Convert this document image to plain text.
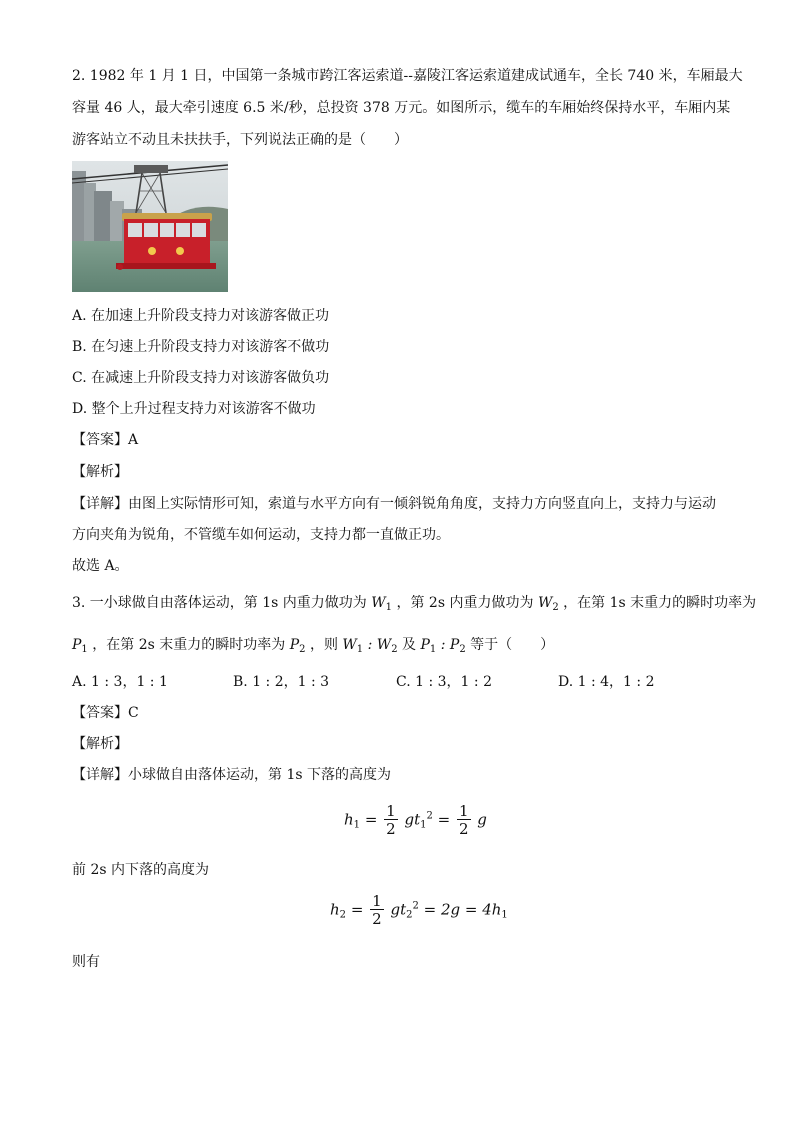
2. 1982 年 1 月 1 日，中国第一条城市跨江客运索道--嘉陵江客运索道建成试通车，全长 740 米，车厢最大
容量 46 人，最大牵引速度 6.5 米/秒，总投资 378 万元。如图所示，缆车的车厢始终保持水平，车厢内某
游客站立不动且未扶扶手，下列说法正确的是（　　）
A. 在加速上升阶段支持力对该游客做正功
B. 在匀速上升阶段支持力对该游客不做功
C. 在减速上升阶段支持力对该游客做负功
D. 整个上升过程支持力对该游客不做功
【答案】A
【解析】
【详解】由图上实际情形可知，索道与水平方向有一倾斜锐角角度，支持力方向竖直向上，支持力与运动
方向夹角为锐角，不管缆车如何运动，支持力都一直做正功。
故选 A。
3. 一小球做自由落体运动，第 1s 内重力做功为 $W_1$ ，第 2s 内重力做功为 $W_2$ ，在第 1s 末重力的瞬时功率为
$P_1$ ，在第 2s 末重力的瞬时功率为 $P_2$ ，则 $W_1$ : $W_2$ 及 $P_1$ : $P_2$ 等于（　　）
A. 1 : 3，1 : 1	B. 1 : 2，1 : 3	C. 1 : 3，1 : 2	D. 1 : 4，1 : 2
【答案】C
【解析】
【详解】小球做自由落体运动，第 1s 下落的高度为
$h_1 = \frac{1}{2} gt_1^2 = \frac{1}{2}$ g
前 2s 内下落的高度为
$h_2 = \frac{1}{2} gt_2^2 = 2g = 4h_1$
则有
